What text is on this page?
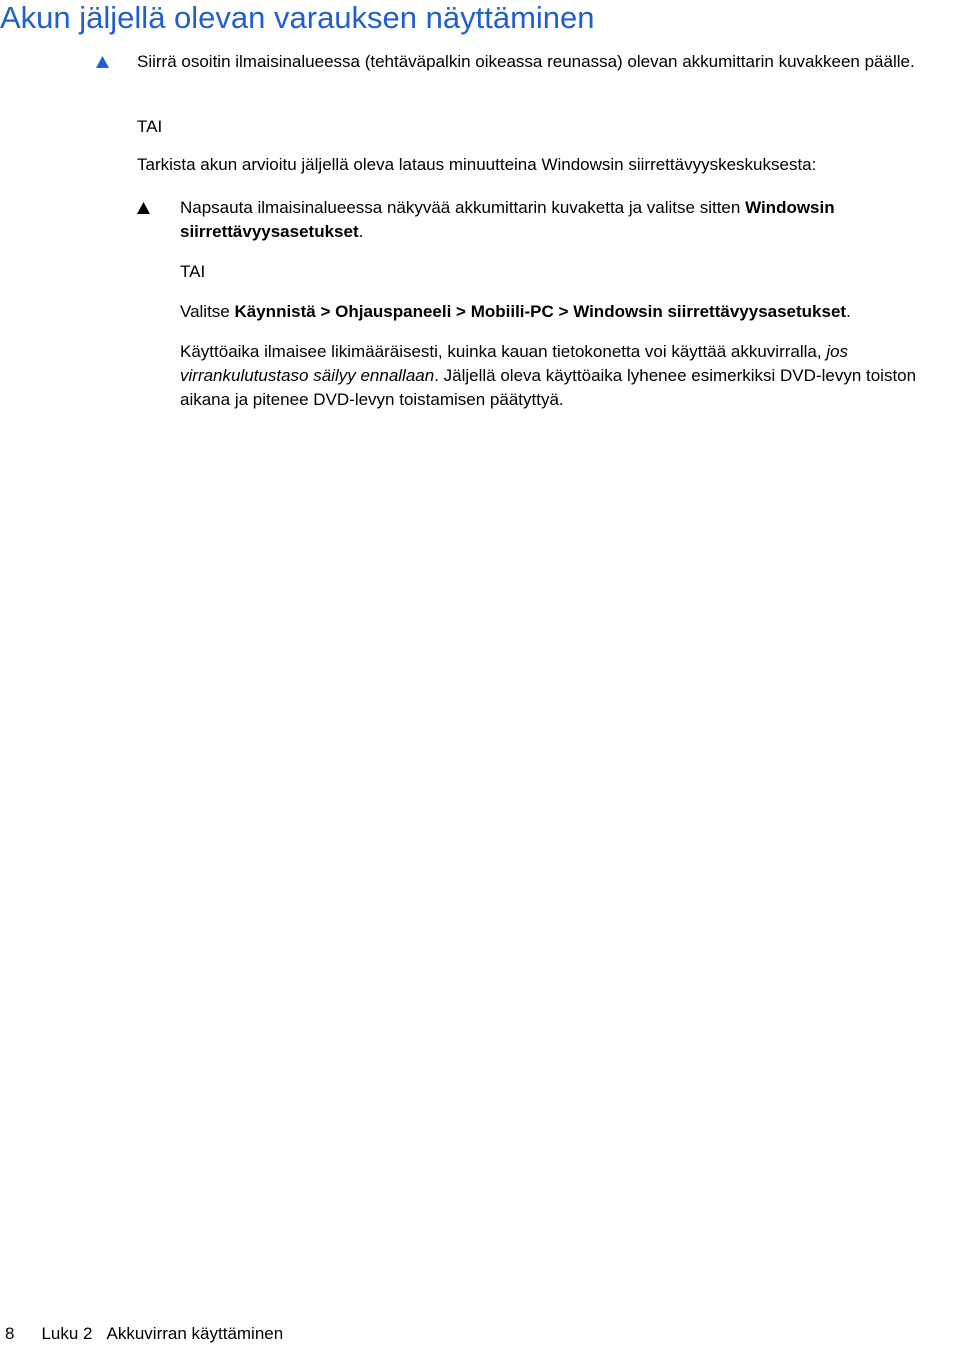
Akun jäljellä olevan varauksen näyttäminen
Siirrä osoitin ilmaisinalueessa (tehtäväpalkin oikeassa reunassa) olevan akkumittarin kuvakkeen päälle.
TAI
Tarkista akun arvioitu jäljellä oleva lataus minuutteina Windowsin siirrettävyyskeskuksesta:
Napsauta ilmaisinalueessa näkyvää akkumittarin kuvaketta ja valitse sitten Windowsin siirrettävyysasetukset.
TAI
Valitse Käynnistä > Ohjauspaneeli > Mobiili-PC > Windowsin siirrettävyysasetukset.
Käyttöaika ilmaisee likimääräisesti, kuinka kauan tietokonetta voi käyttää akkuvirralla, jos virrankulutustaso säilyy ennallaan. Jäljellä oleva käyttöaika lyhenee esimerkiksi DVD-levyn toiston aikana ja pitenee DVD-levyn toistamisen päätyttyä.
8 Luku 2 Akkuvirran käyttäminen
